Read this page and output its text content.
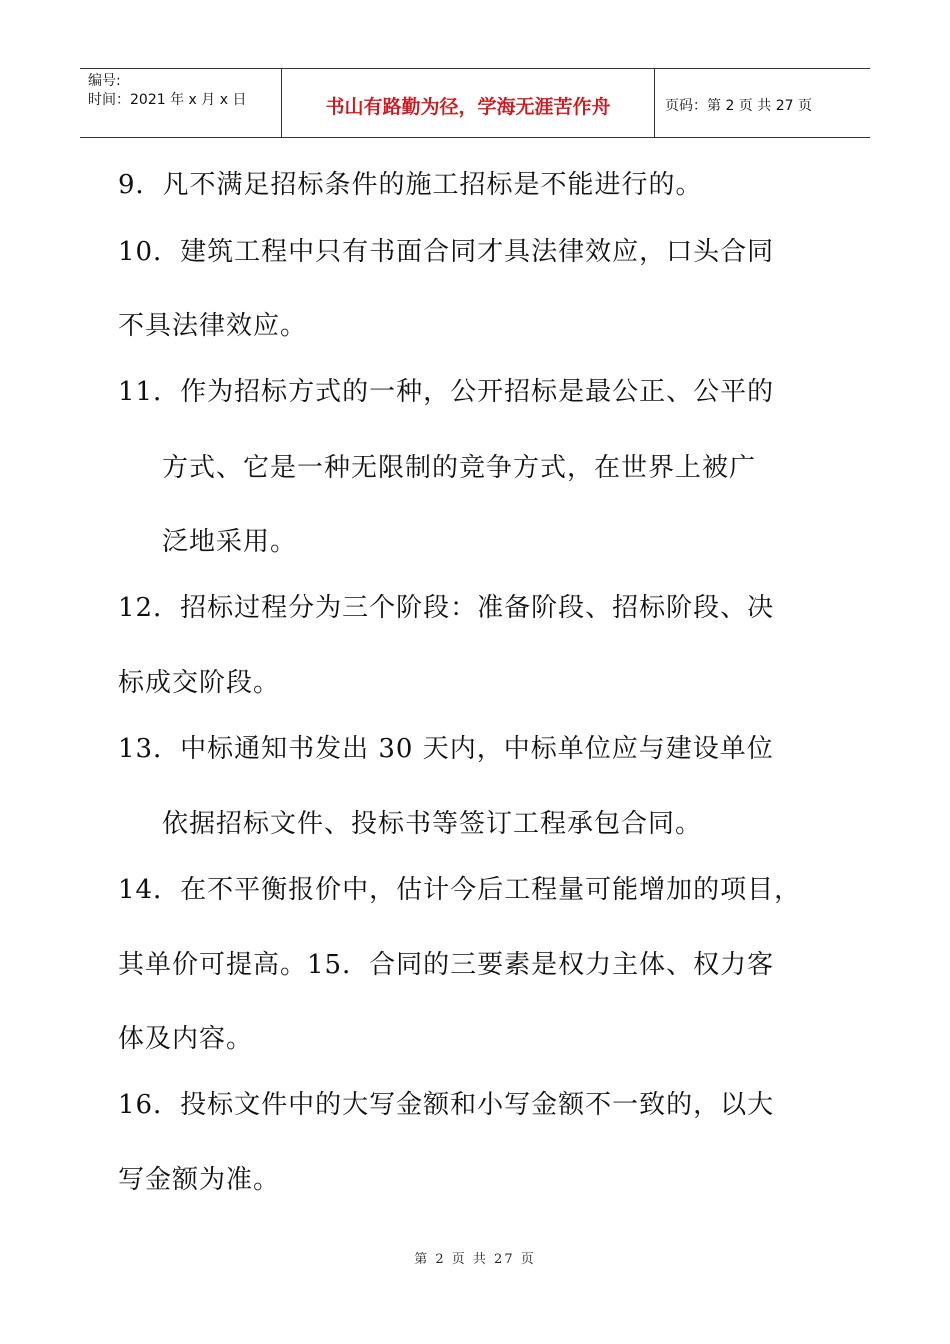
编号:
时间：2021 年 x 月 x 日	书山有路勤为径，学海无涯苦作舟	页码：第 2 页 共 27 页
9．凡不满足招标条件的施工招标是不能进行的。
10．建筑工程中只有书面合同才具法律效应，口头合同
不具法律效应。
11．作为招标方式的一种，公开招标是最公正、公平的
方式、它是一种无限制的竞争方式，在世界上被广
泛地采用。
12．招标过程分为三个阶段：准备阶段、招标阶段、决
标成交阶段。
13．中标通知书发出 30 天内，中标单位应与建设单位
依据招标文件、投标书等签订工程承包合同。
14．在不平衡报价中，估计今后工程量可能增加的项目，
其单价可提高。15．合同的三要素是权力主体、权力客
体及内容。
16．投标文件中的大写金额和小写金额不一致的，以大
写金额为准。
第 2 页 共 27 页
